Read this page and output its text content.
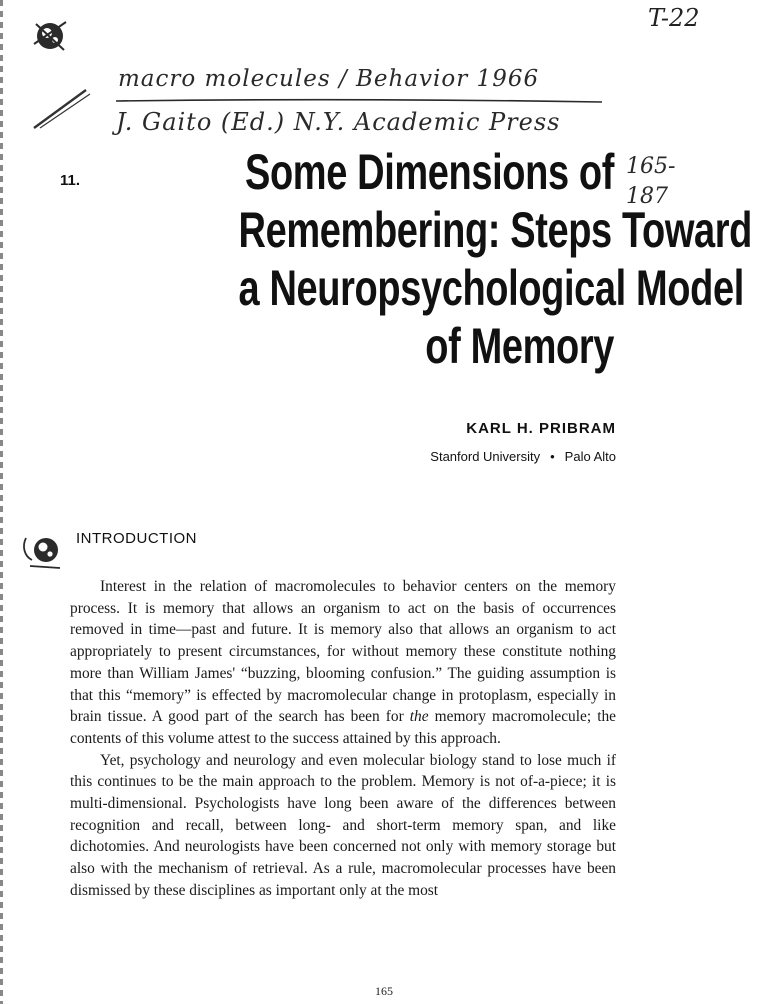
T-22
macro molecules / Behavior 1966
J. Gaito (Ed.) N.Y. Academic Press
165-
187
11.	Some Dimensions of
Remembering: Steps Toward
a Neuropsychological Model
of Memory
KARL H. PRIBRAM
Stanford University • Palo Alto
INTRODUCTION

Interest in the relation of macromolecules to behavior centers on the memory process. It is memory that allows an organism to act on the basis of occurrences removed in time—past and future. It is memory also that allows an organism to act appropriately to present circumstances, for without memory these constitute nothing more than William James' “buzzing, blooming confusion.” The guiding assumption is that this “memory” is effected by macromolecular change in protoplasm, especially in brain tissue. A good part of the search has been for the memory macromolecule; the contents of this volume attest to the success attained by this approach.

Yet, psychology and neurology and even molecular biology stand to lose much if this continues to be the main approach to the problem. Memory is not of-a-piece; it is multi-dimensional. Psychologists have long been aware of the differences between recognition and recall, between long- and short-term memory span, and like dichotomies. And neurologists have been concerned not only with memory storage but also with the mechanism of retrieval. As a rule, macromolecular processes have been dismissed by these disciplines as important only at the most

165
